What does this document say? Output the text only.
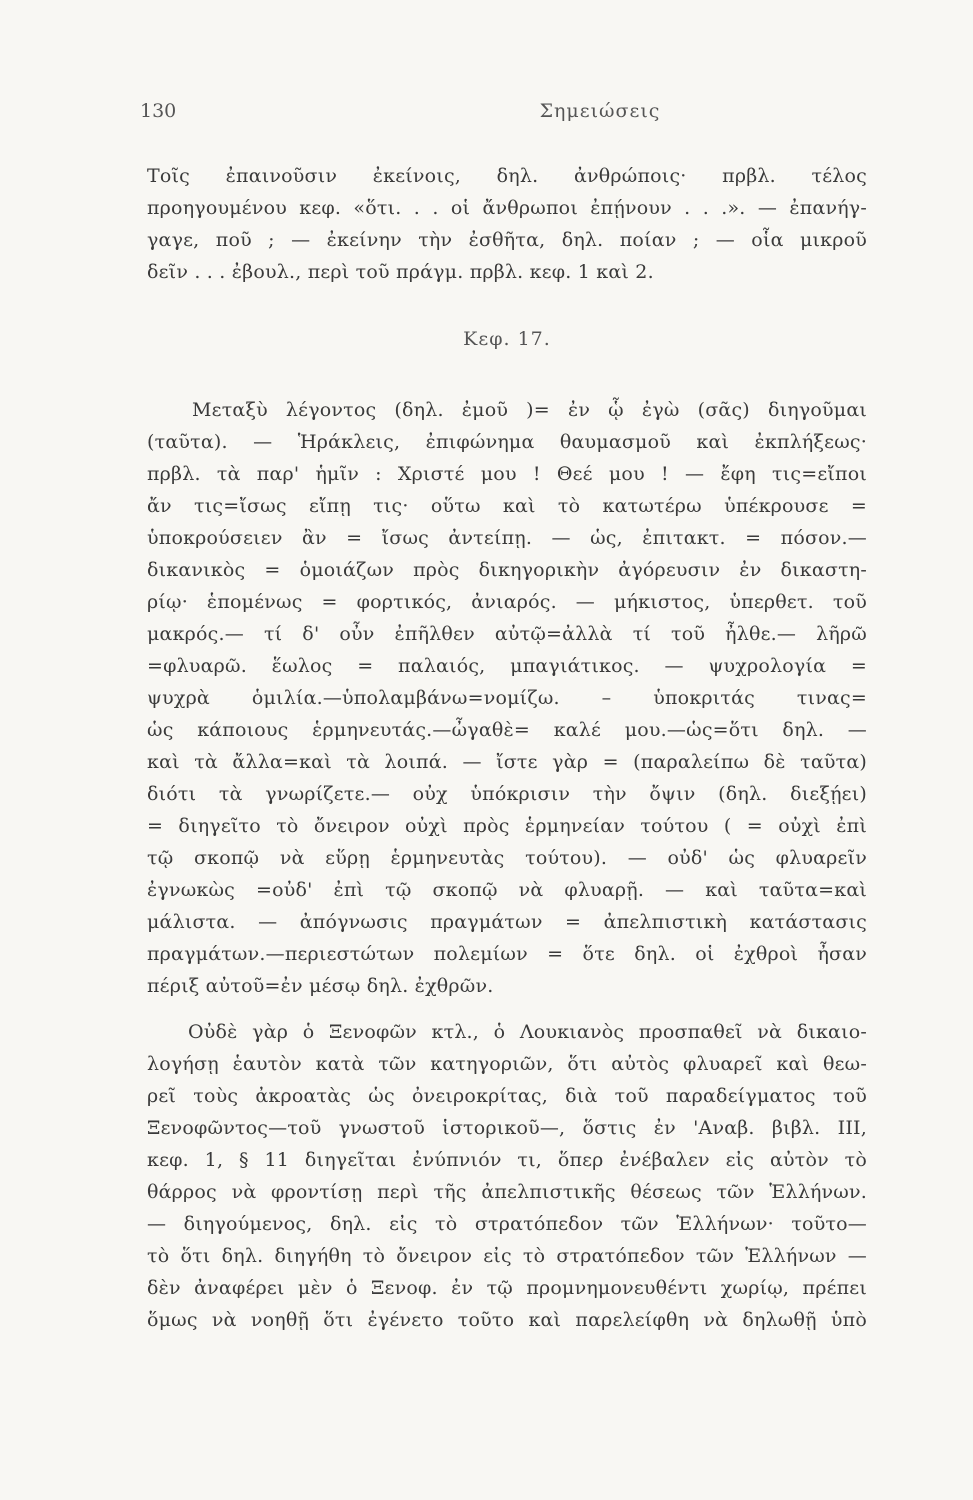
130	Σημειώσεις
Τοῖς ἐπαινοῦσιν ἐκείνοις, δηλ. ἀνθρώποις· πρβλ. τέλος
προηγουμένου κεφ. «ὅτι. . . οἱ ἄνθρωποι ἐπῄνουν . . .». — ἐπανήγ-
γαγε, ποῦ ; — ἐκείνην τὴν ἐσθῆτα, δηλ. ποίαν ; — οἷα μικροῦ
δεῖν . . . ἐβουλ., περὶ τοῦ πράγμ. πρβλ. κεφ. 1 καὶ 2.
Κεφ. 17.
Μεταξὺ λέγοντος (δηλ. ἐμοῦ )= ἐν ᾧ ἐγὼ (σᾶς) διηγοῦμαι
(ταῦτα). — Ἡράκλεις, ἐπιφώνημα θαυμασμοῦ καὶ ἐκπλήξεως·
πρβλ. τὰ παρ' ἡμῖν : Χριστέ μου ! Θεέ μου ! — ἔφη τις=εἴποι
ἄν τις=ἴσως εἴπῃ τις· οὕτω καὶ τὸ κατωτέρω ὑπέκρουσε =
ὑποκρούσειεν ἂν = ἴσως ἀντείπῃ. — ὡς, ἐπιτακτ. = πόσον.—
δικανικὸς = ὁμοιάζων πρὸς δικηγορικὴν ἀγόρευσιν ἐν δικαστη-
ρίῳ· ἑπομένως = φορτικός, ἀνιαρός. — μήκιστος, ὑπερθετ. τοῦ
μακρός.— τί δ' οὖν ἐπῆλθεν αὐτῷ=ἀλλὰ τί τοῦ ἦλθε.— λῆρῶ
=φλυαρῶ. ἕωλος = παλαιός, μπαγιάτικος. — ψυχρολογία =
ψυχρὰ ὁμιλία.—ὑπολαμβάνω=νομίζω. – ὑποκριτάς τινας=
ὡς κάποιους ἑρμηνευτάς.—ὦγαθὲ= καλέ μου.—ὡς=ὅτι δηλ. —
καὶ τὰ ἄλλα=καὶ τὰ λοιπά. — ἴστε γὰρ = (παραλείπω δὲ ταῦτα)
διότι τὰ γνωρίζετε.— οὐχ ὑπόκρισιν τὴν ὄψιν (δηλ. διεξῄει)
= διηγεῖτο τὸ ὄνειρον οὐχὶ πρὸς ἑρμηνείαν τούτου ( = οὐχὶ ἐπὶ
τῷ σκοπῷ νὰ εὕρῃ ἑρμηνευτὰς τούτου). — οὐδ' ὡς φλυαρεῖν
ἐγνωκὼς =οὐδ' ἐπὶ τῷ σκοπῷ νὰ φλυαρῇ. — καὶ ταῦτα=καὶ
μάλιστα. — ἀπόγνωσις πραγμάτων = ἀπελπιστικὴ κατάστασις
πραγμάτων.—περιεστώτων πολεμίων = ὅτε δηλ. οἱ ἐχθροὶ ἦσαν
πέριξ αὐτοῦ=ἐν μέσῳ δηλ. ἐχθρῶν.
Οὐδὲ γὰρ ὁ Ξενοφῶν κτλ., ὁ Λουκιανὸς προσπαθεῖ νὰ δικαιο-
λογήσῃ ἑαυτὸν κατὰ τῶν κατηγοριῶν, ὅτι αὐτὸς φλυαρεῖ καὶ θεω-
ρεῖ τοὺς ἀκροατὰς ὡς ὀνειροκρίτας, διὰ τοῦ παραδείγματος τοῦ
Ξενοφῶντος—τοῦ γνωστοῦ ἱστορικοῦ—, ὅστις ἐν 'Αναβ. βιβλ. ΙΙΙ,
κεφ. 1, § 11 διηγεῖται ἐνύπνιόν τι, ὅπερ ἐνέβαλεν εἰς αὐτὸν τὸ
θάρρος νὰ φροντίσῃ περὶ τῆς ἀπελπιστικῆς θέσεως τῶν Ἑλλήνων.
— διηγούμενος, δηλ. εἰς τὸ στρατόπεδον τῶν Ἑλλήνων· τοῦτο—
τὸ ὅτι δηλ. διηγήθη τὸ ὄνειρον εἰς τὸ στρατόπεδον τῶν Ἑλλήνων —
δὲν ἀναφέρει μὲν ὁ Ξενοφ. ἐν τῷ προμνημονευθέντι χωρίῳ, πρέπει
ὅμως νὰ νοηθῇ ὅτι ἐγένετο τοῦτο καὶ παρελείφθη νὰ δηλωθῇ ὑπὸ
